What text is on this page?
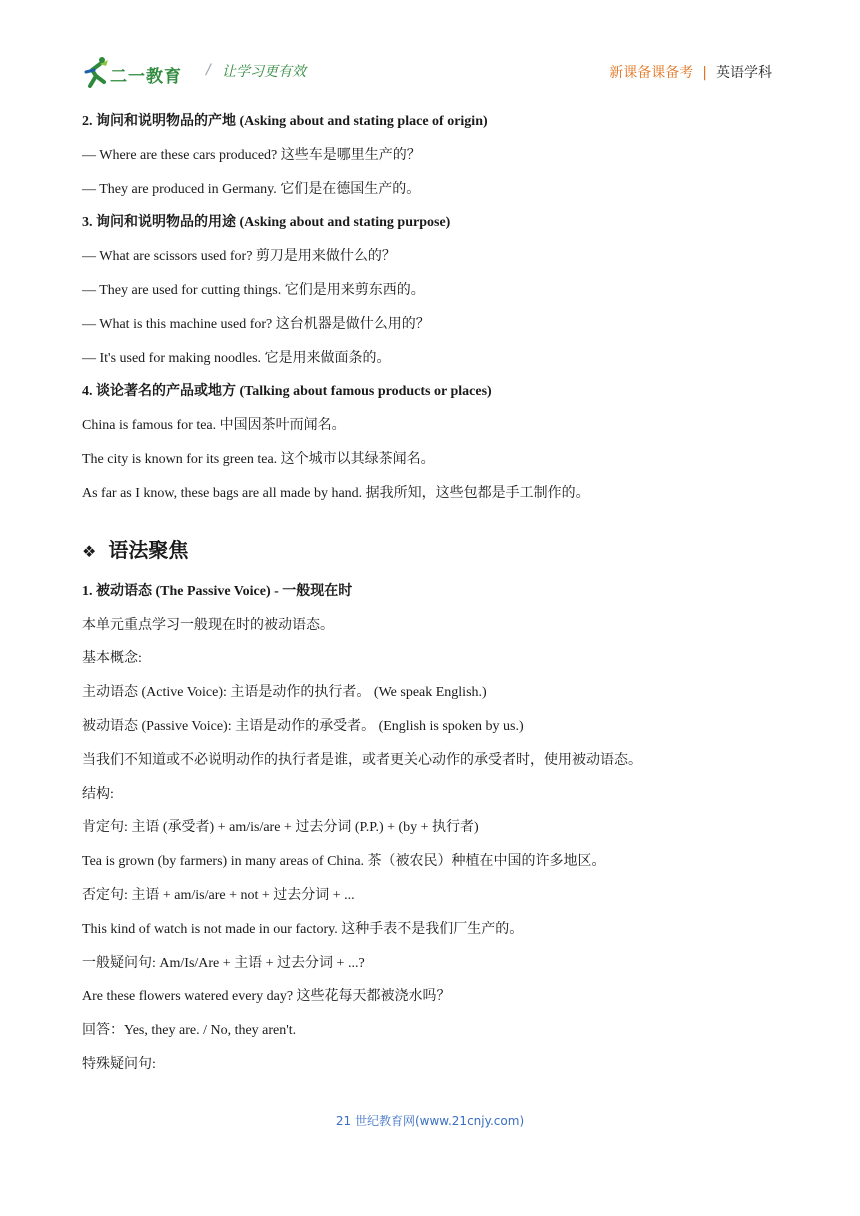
二一教育 / 让学习更有效	新课备课备考 | 英语学科
2. 询问和说明物品的产地 (Asking about and stating place of origin)
— Where are these cars produced? 这些车是哪里生产的？
— They are produced in Germany. 它们是在德国生产的。
3. 询问和说明物品的用途 (Asking about and stating purpose)
— What are scissors used for? 剪刀是用来做什么的？
— They are used for cutting things. 它们是用来剪东西的。
— What is this machine used for? 这台机器是做什么用的？
— It's used for making noodles. 它是用来做面条的。
4. 谈论著名的产品或地方 (Talking about famous products or places)
China is famous for tea. 中国因茶叶而闻名。
The city is known for its green tea. 这个城市以其绿茶闻名。
As far as I know, these bags are all made by hand. 据我所知，这些包都是手工制作的。
❖ 语法聚焦
1. 被动语态 (The Passive Voice) - 一般现在时
本单元重点学习一般现在时的被动语态。
基本概念:
主动语态 (Active Voice): 主语是动作的执行者。 (We speak English.)
被动语态 (Passive Voice): 主语是动作的承受者。 (English is spoken by us.)
当我们不知道或不必说明动作的执行者是谁，或者更关心动作的承受者时，使用被动语态。
结构:
肯定句: 主语 (承受者) + am/is/are + 过去分词 (P.P.) + (by + 执行者)
Tea is grown (by farmers) in many areas of China. 茶（被农民）种植在中国的许多地区。
否定句: 主语 + am/is/are + not + 过去分词 + ...
This kind of watch is not made in our factory. 这种手表不是我们厂生产的。
一般疑问句: Am/Is/Are + 主语 + 过去分词 + ...?
Are these flowers watered every day? 这些花每天都被浇水吗？
回答：Yes, they are. / No, they aren't.
特殊疑问句:
21 世纪教育网(www.21cnjy.com)
